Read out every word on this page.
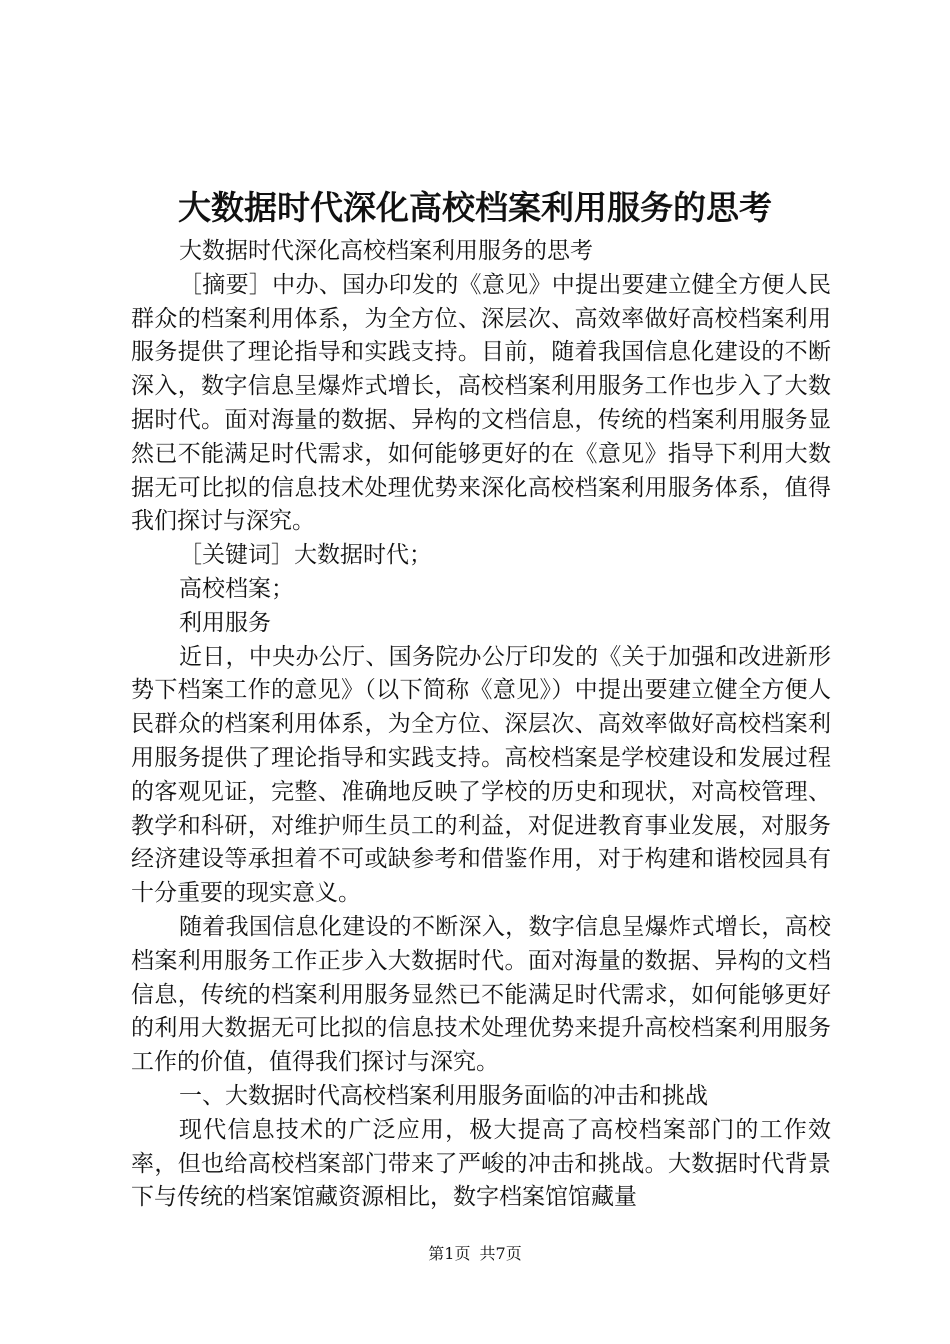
大数据时代深化高校档案利用服务的思考

大数据时代深化高校档案利用服务的思考

［摘要］中办、国办印发的《意见》中提出要建立健全方便人民群众的档案利用体系，为全方位、深层次、高效率做好高校档案利用服务提供了理论指导和实践支持。目前，随着我国信息化建设的不断深入，数字信息呈爆炸式增长，高校档案利用服务工作也步入了大数据时代。面对海量的数据、异构的文档信息，传统的档案利用服务显然已不能满足时代需求，如何能够更好的在《意见》指导下利用大数据无可比拟的信息技术处理优势来深化高校档案利用服务体系，值得我们探讨与深究。

［关键词］大数据时代；

高校档案；

利用服务

近日，中央办公厅、国务院办公厅印发的《关于加强和改进新形势下档案工作的意见》（以下简称《意见》）中提出要建立健全方便人民群众的档案利用体系，为全方位、深层次、高效率做好高校档案利用服务提供了理论指导和实践支持。高校档案是学校建设和发展过程的客观见证，完整、准确地反映了学校的历史和现状，对高校管理、教学和科研，对维护师生员工的利益，对促进教育事业发展，对服务经济建设等承担着不可或缺参考和借鉴作用，对于构建和谐校园具有十分重要的现实意义。

随着我国信息化建设的不断深入，数字信息呈爆炸式增长，高校档案利用服务工作正步入大数据时代。面对海量的数据、异构的文档信息，传统的档案利用服务显然已不能满足时代需求，如何能够更好的利用大数据无可比拟的信息技术处理优势来提升高校档案利用服务工作的价值，值得我们探讨与深究。

一、大数据时代高校档案利用服务面临的冲击和挑战

现代信息技术的广泛应用，极大提高了高校档案部门的工作效率，但也给高校档案部门带来了严峻的冲击和挑战。大数据时代背景下与传统的档案馆藏资源相比，数字档案馆馆藏量

第1页 共7页
